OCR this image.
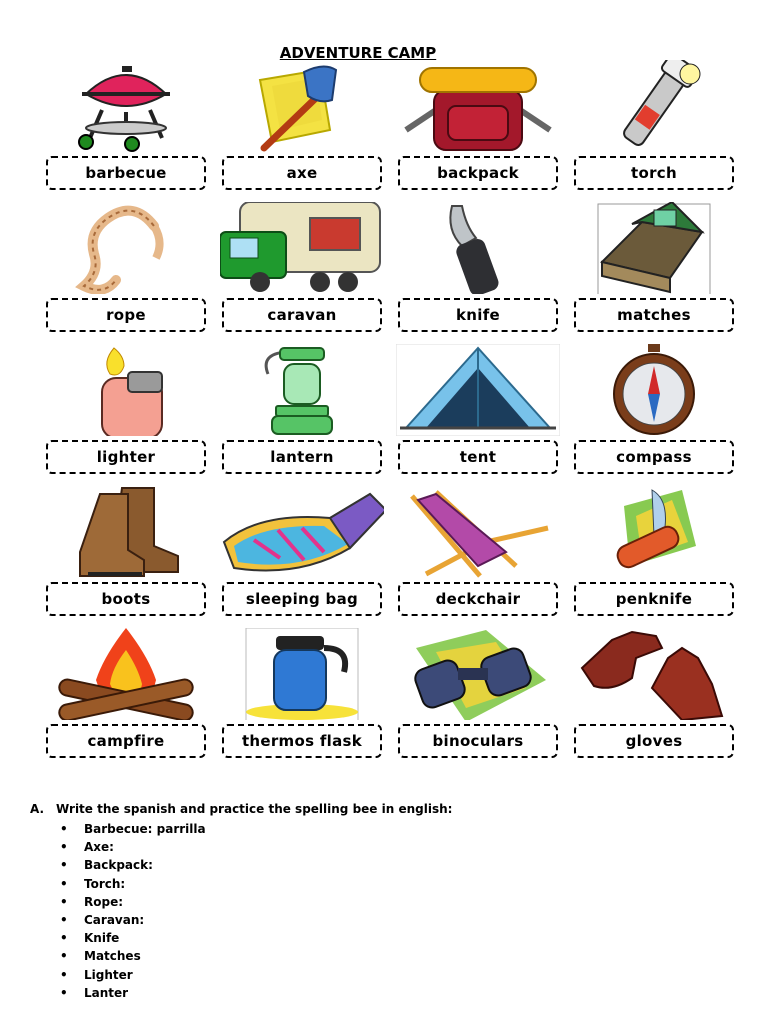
ADVENTURE CAMP
barbecue	axe	backpack	torch
rope	caravan	knife	matches
lighter	lantern	tent	compass
boots	sleeping bag	deckchair	penknife
campfire	thermos flask	binoculars	gloves
A. Write the spanish and practice the spelling bee in english:
•	Barbecue: parrilla
•	Axe:
•	Backpack:
•	Torch:
•	Rope:
•	Caravan:
•	Knife
•	Matches
•	Lighter
•	Lanter
